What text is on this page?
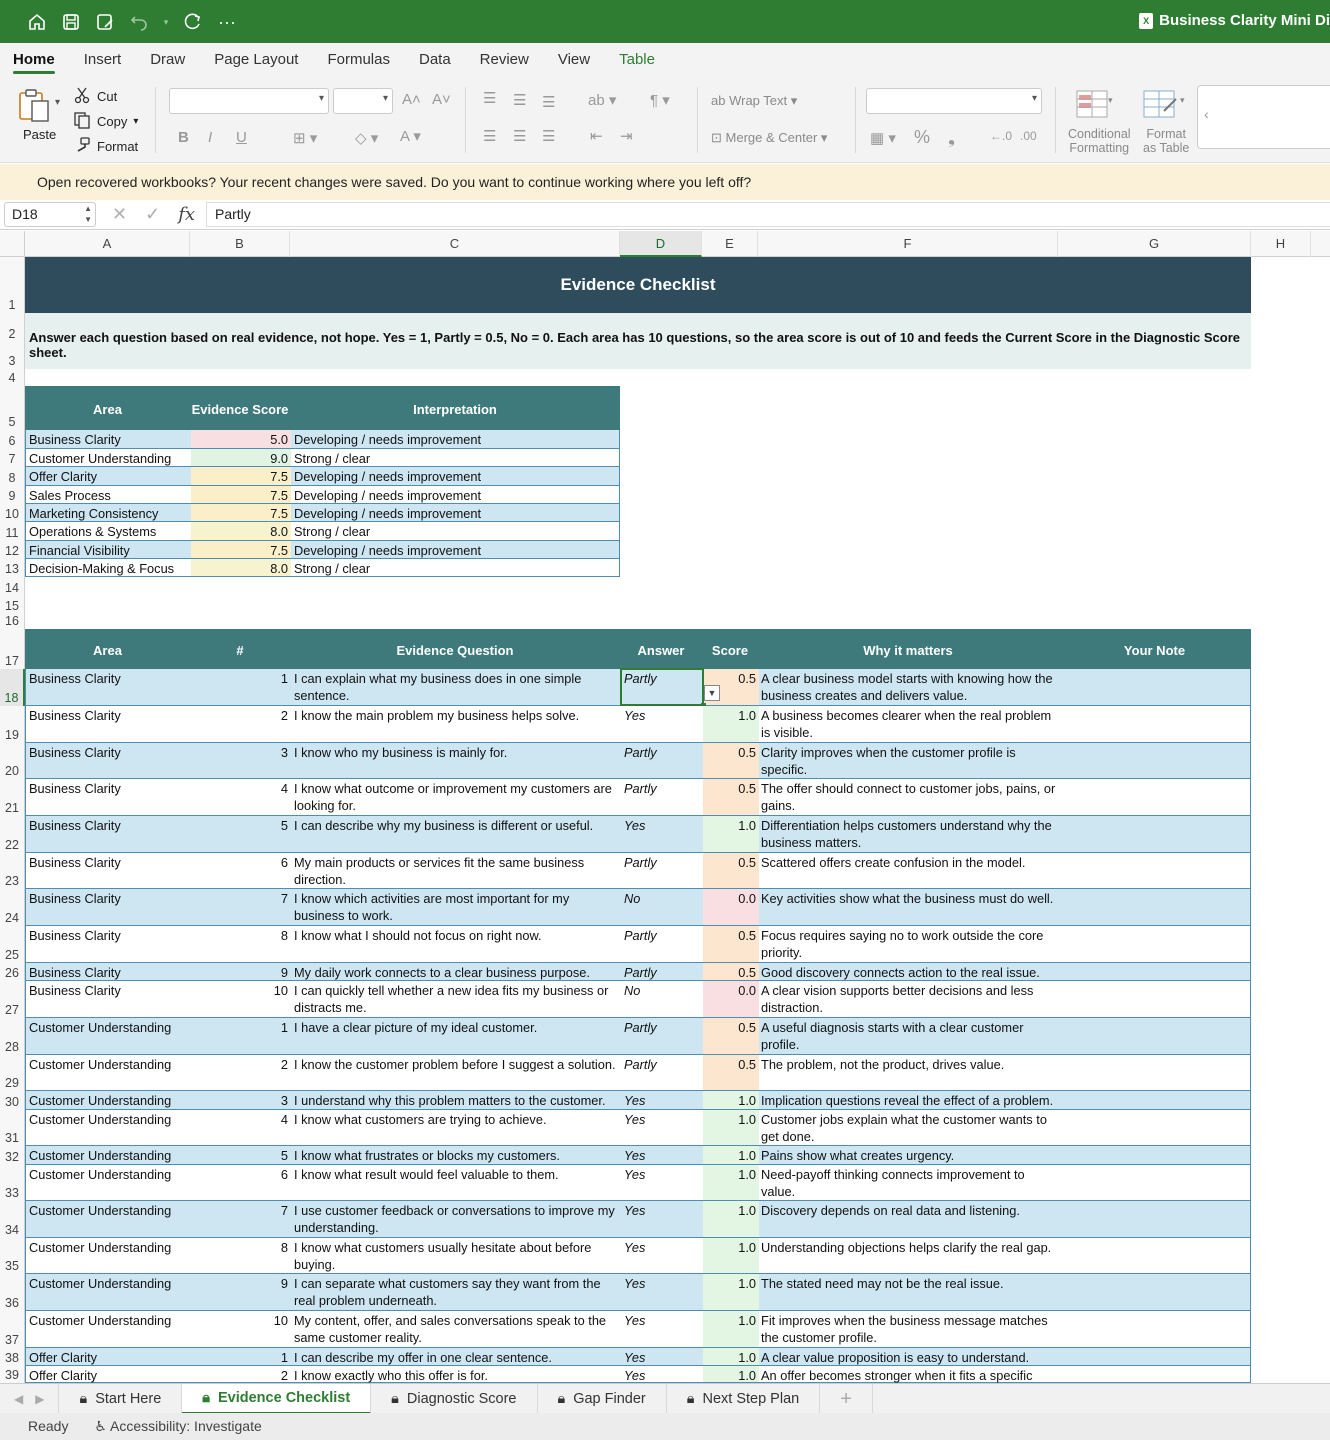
▾	···	X Business Clarity Mini Di
Home Insert Draw Page Layout Formulas Data Review View Table
▾
Paste
Cut
Copy ▾
Format
▾	▾ A˄ A˅
B I U	⊞ ▾	◇ ▾ A ▾
☰ ☰ ☰ ab ▾ ¶ ▾
☰ ☰ ☰ ⇤ ⇥
ab Wrap Text ▾
⊡ Merge & Center ▾
▾
▦ ▾ % ❟	←.0 .00
▾
Conditional
Formatting
▾
Format
as Table
‹
Open recovered workbooks? Your recent changes were saved. Do you want to continue working where you left off?
D18	▲
▼ ✕ ✓ fx	Partly
A	B	C	D	E	F	G	H
1
2
3
4
5
6
7
8
9
10
11
12
13
14
15
16
17
18
19
20
21
22
23
24
25
26
27
28
29
30
31
32
33
34
35
36
37
38
39
Evidence Checklist
Answer each question based on real evidence, not hope. Yes = 1, Partly = 0.5, No = 0. Each area has 10 questions, so the area score is out of 10 and feeds the Current Score in the Diagnostic Score sheet.
Area	Evidence Score	Interpretation
Business Clarity	5.0 Developing / needs improvement
Customer Understanding	9.0 Strong / clear
Offer Clarity	7.5 Developing / needs improvement
Sales Process	7.5 Developing / needs improvement
Marketing Consistency	7.5 Developing / needs improvement
Operations & Systems	8.0 Strong / clear
Financial Visibility	7.5 Developing / needs improvement
Decision-Making & Focus	8.0 Strong / clear
Area	#	Evidence Question	Answer	Score	Why it matters	Your Note
Business Clarity	1 I can explain what my business does in one simple sentence.
Partly	0.5 A clear business model starts with knowing how the business creates and delivers value.
▼
Business Clarity	2 I know the main problem my business helps solve.	Yes	1.0 A business becomes clearer when the real problem is visible.
Business Clarity	3 I know who my business is mainly for.	Partly	0.5 Clarity improves when the customer profile is specific.
Business Clarity	4 I know what outcome or improvement my customers are looking for.
Partly	0.5 The offer should connect to customer jobs, pains, or gains.
Business Clarity	5 I can describe why my business is different or useful.	Yes	1.0 Differentiation helps customers understand why the business matters.
Business Clarity	6 My main products or services fit the same business direction.
Partly	0.5 Scattered offers create confusion in the model.
Business Clarity	7 I know which activities are most important for my business to work.
No	0.0 Key activities show what the business must do well.
Business Clarity	8 I know what I should not focus on right now.	Partly	0.5 Focus requires saying no to work outside the core priority.
Business Clarity	9 My daily work connects to a clear business purpose.	Partly	0.5 Good discovery connects action to the real issue.
Business Clarity	10 I can quickly tell whether a new idea fits my business or distracts me.
No	0.0 A clear vision supports better decisions and less distraction.
Customer Understanding	1 I have a clear picture of my ideal customer.	Partly	0.5 A useful diagnosis starts with a clear customer profile.
Customer Understanding	2 I know the customer problem before I suggest a solution. Partly	0.5 The problem, not the product, drives value.
Customer Understanding	3 I understand why this problem matters to the customer.	Yes	1.0 Implication questions reveal the effect of a problem.
Customer Understanding	4 I know what customers are trying to achieve.	Yes	1.0 Customer jobs explain what the customer wants to get done.
Customer Understanding	5 I know what frustrates or blocks my customers.	Yes	1.0 Pains show what creates urgency.
Customer Understanding	6 I know what result would feel valuable to them.	Yes	1.0 Need-payoff thinking connects improvement to value.
Customer Understanding	7 I use customer feedback or conversations to improve my understanding.
Yes	1.0 Discovery depends on real data and listening.
Customer Understanding	8 I know what customers usually hesitate about before buying.
Yes	1.0 Understanding objections helps clarify the real gap.
Customer Understanding	9 I can separate what customers say they want from the real problem underneath.
Yes	1.0 The stated need may not be the real issue.
Customer Understanding	10 My content, offer, and sales conversations speak to the same customer reality.
Yes	1.0 Fit improves when the business message matches the customer profile.
Offer Clarity	1 I can describe my offer in one clear sentence.	Yes	1.0 A clear value proposition is easy to understand.
Offer Clarity	2 I know exactly who this offer is for.	Yes	1.0 An offer becomes stronger when it fits a specific
◀	▶	🔒︎ Start Here	🔒︎ Evidence Checklist	🔒︎ Diagnostic Score	🔒︎ Gap Finder	🔒︎ Next Step Plan	+
Ready ♿︎ Accessibility: Investigate
